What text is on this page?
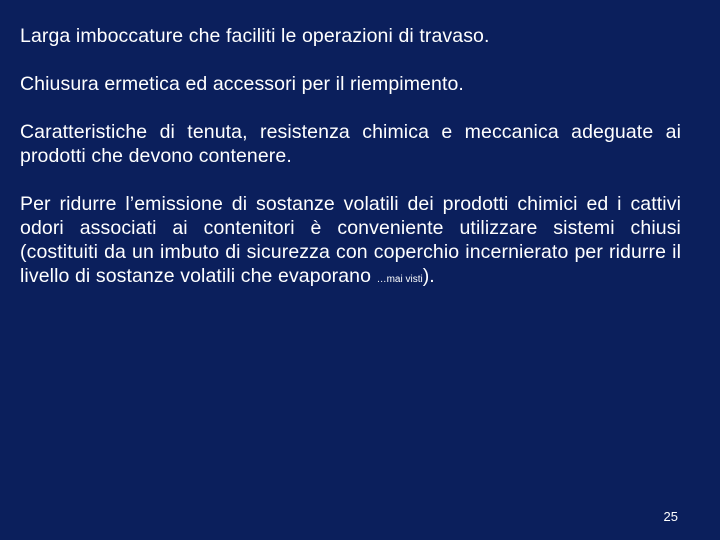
Larga imboccature che faciliti le operazioni di travaso.

Chiusura ermetica ed accessori per il riempimento.

Caratteristiche di tenuta, resistenza chimica e meccanica adeguate ai prodotti che devono contenere.

Per ridurre l’emissione di sostanze volatili dei prodotti chimici ed i cattivi odori associati ai contenitori è conveniente utilizzare sistemi chiusi (costituiti da un imbuto di sicurezza con coperchio incernierato per ridurre il livello di sostanze volatili che evaporano …mai visti).

25
